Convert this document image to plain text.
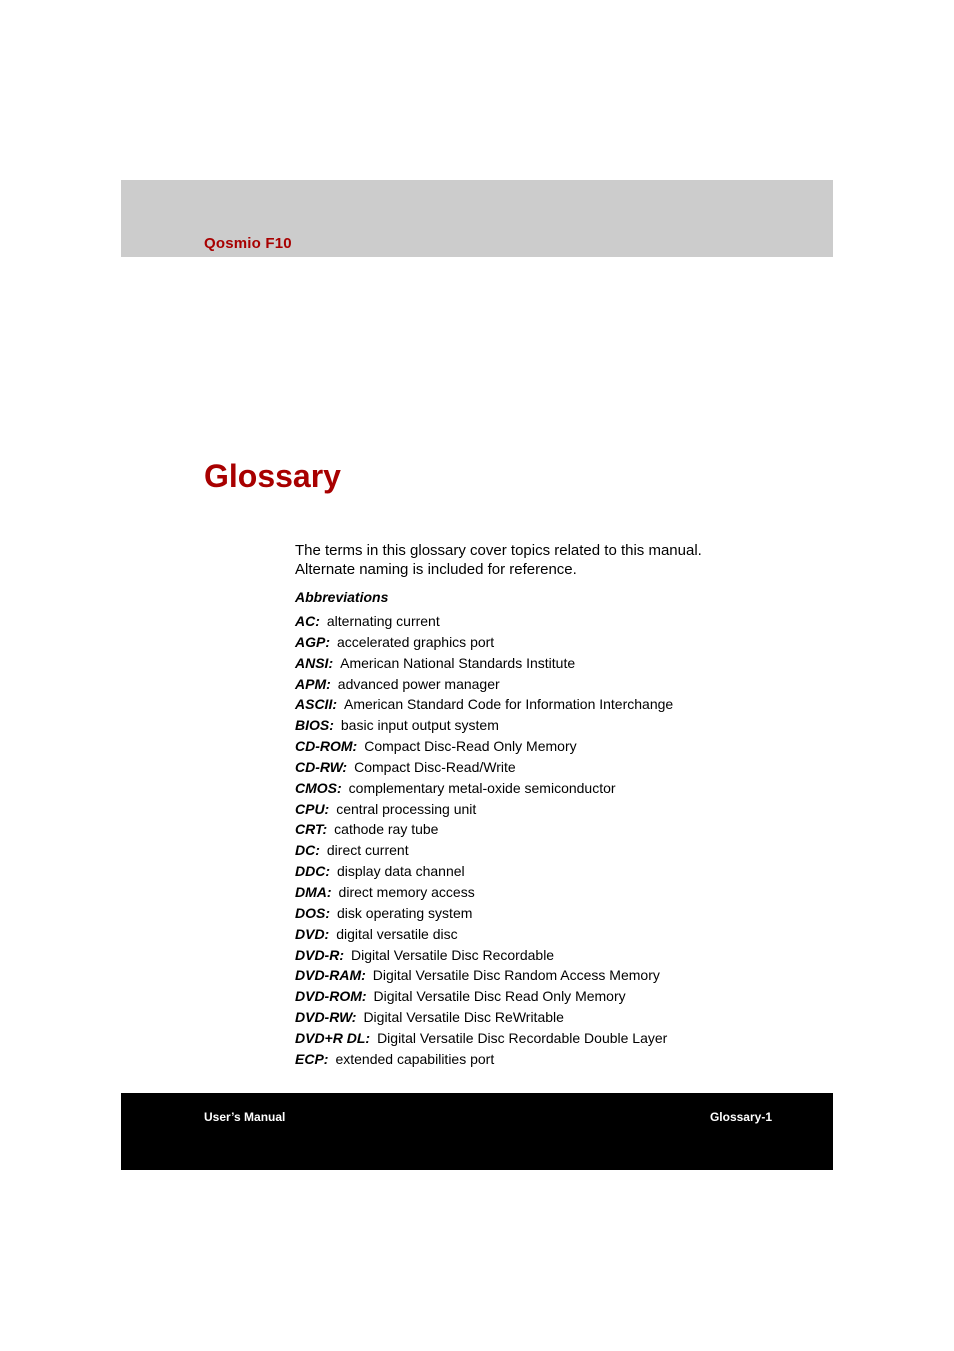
Qosmio F10
Glossary

The terms in this glossary cover topics related to this manual.

Alternate naming is included for reference.

Abbreviations
AC: alternating current
AGP: accelerated graphics port
ANSI: American National Standards Institute
APM: advanced power manager
ASCII: American Standard Code for Information Interchange
BIOS: basic input output system
CD-ROM: Compact Disc-Read Only Memory
CD-RW: Compact Disc-Read/Write
CMOS: complementary metal-oxide semiconductor
CPU: central processing unit
CRT: cathode ray tube
DC: direct current
DDC: display data channel
DMA: direct memory access
DOS: disk operating system
DVD: digital versatile disc
DVD-R: Digital Versatile Disc Recordable
DVD-RAM: Digital Versatile Disc Random Access Memory
DVD-ROM: Digital Versatile Disc Read Only Memory
DVD-RW: Digital Versatile Disc ReWritable
DVD+R DL: Digital Versatile Disc Recordable Double Layer
ECP: extended capabilities port
User’s Manual	Glossary-1
